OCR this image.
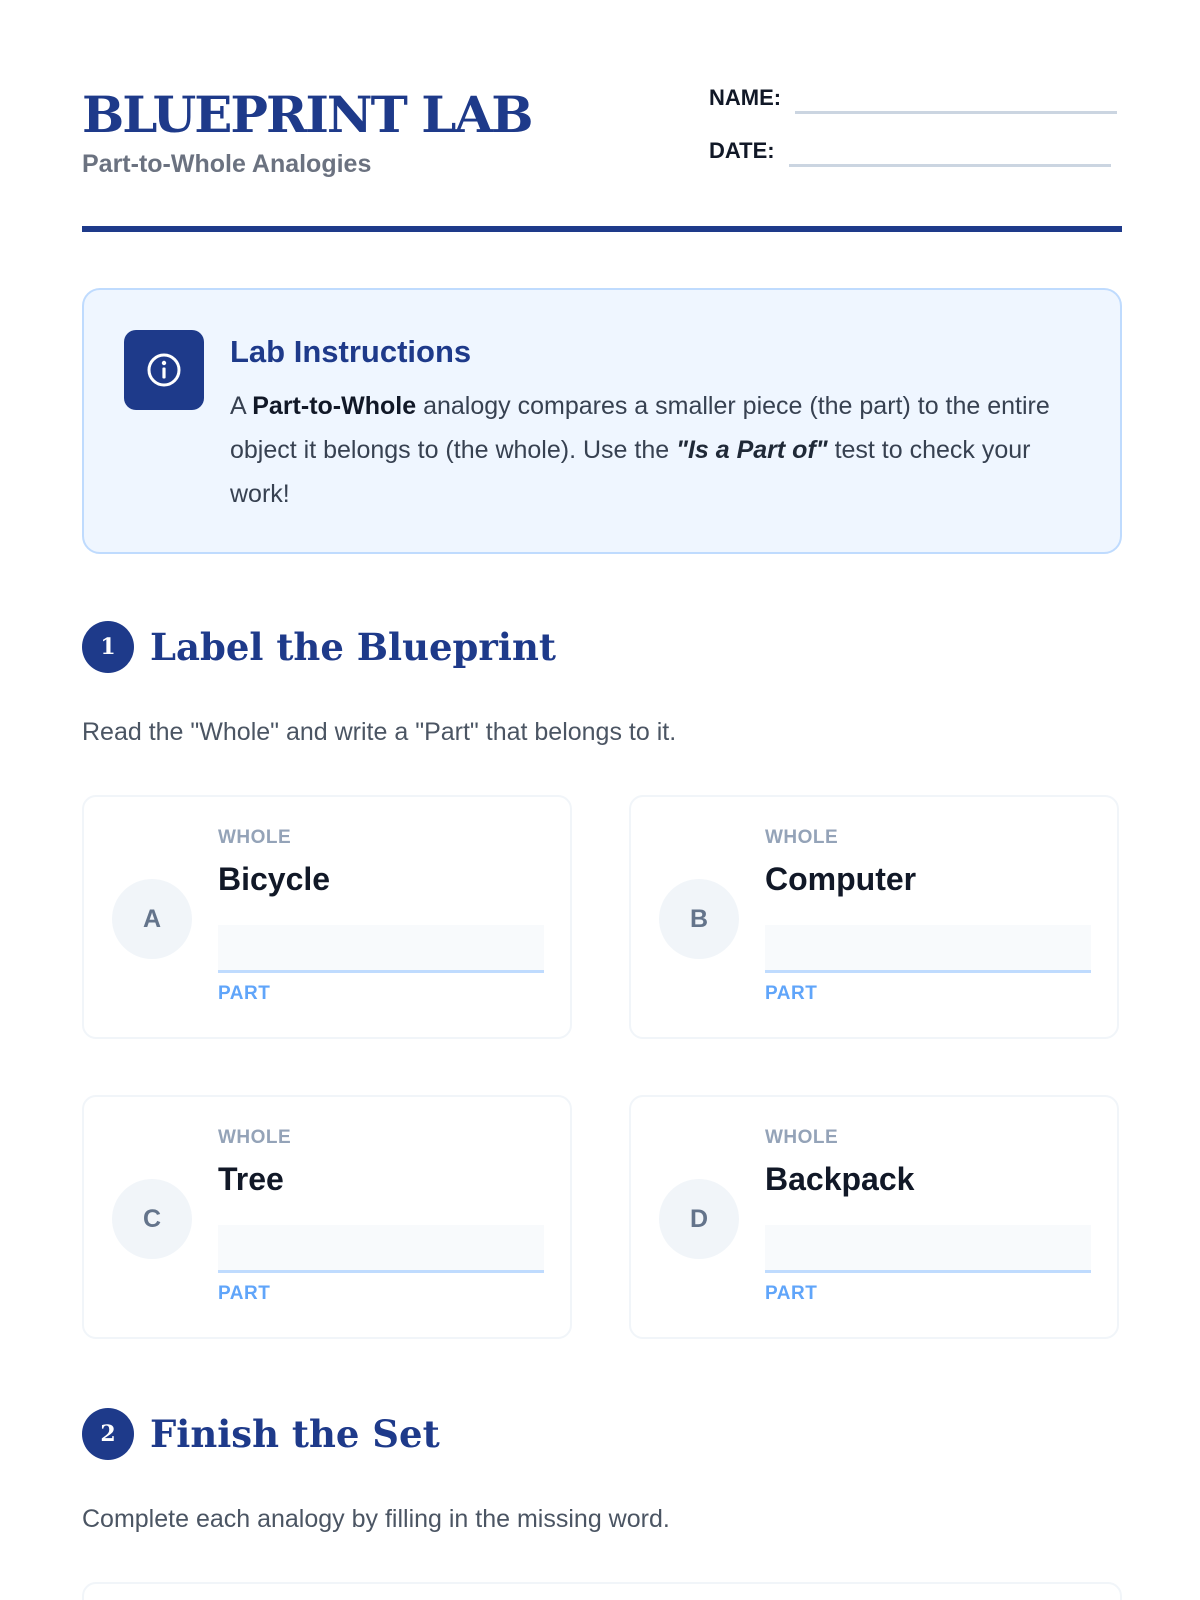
BLUEPRINT LAB
Part-to-Whole Analogies
NAME:
DATE:
Lab Instructions
A Part-to-Whole analogy compares a smaller piece (the part) to the entire object it belongs to (the whole). Use the "Is a Part of" test to check your work!
1 Label the Blueprint
Read the "Whole" and write a "Part" that belongs to it.
A
WHOLE
Bicycle
PART
B
WHOLE
Computer
PART
C
WHOLE
Tree
PART
D
WHOLE
Backpack
PART
2 Finish the Set
Complete each analogy by filling in the missing word.
